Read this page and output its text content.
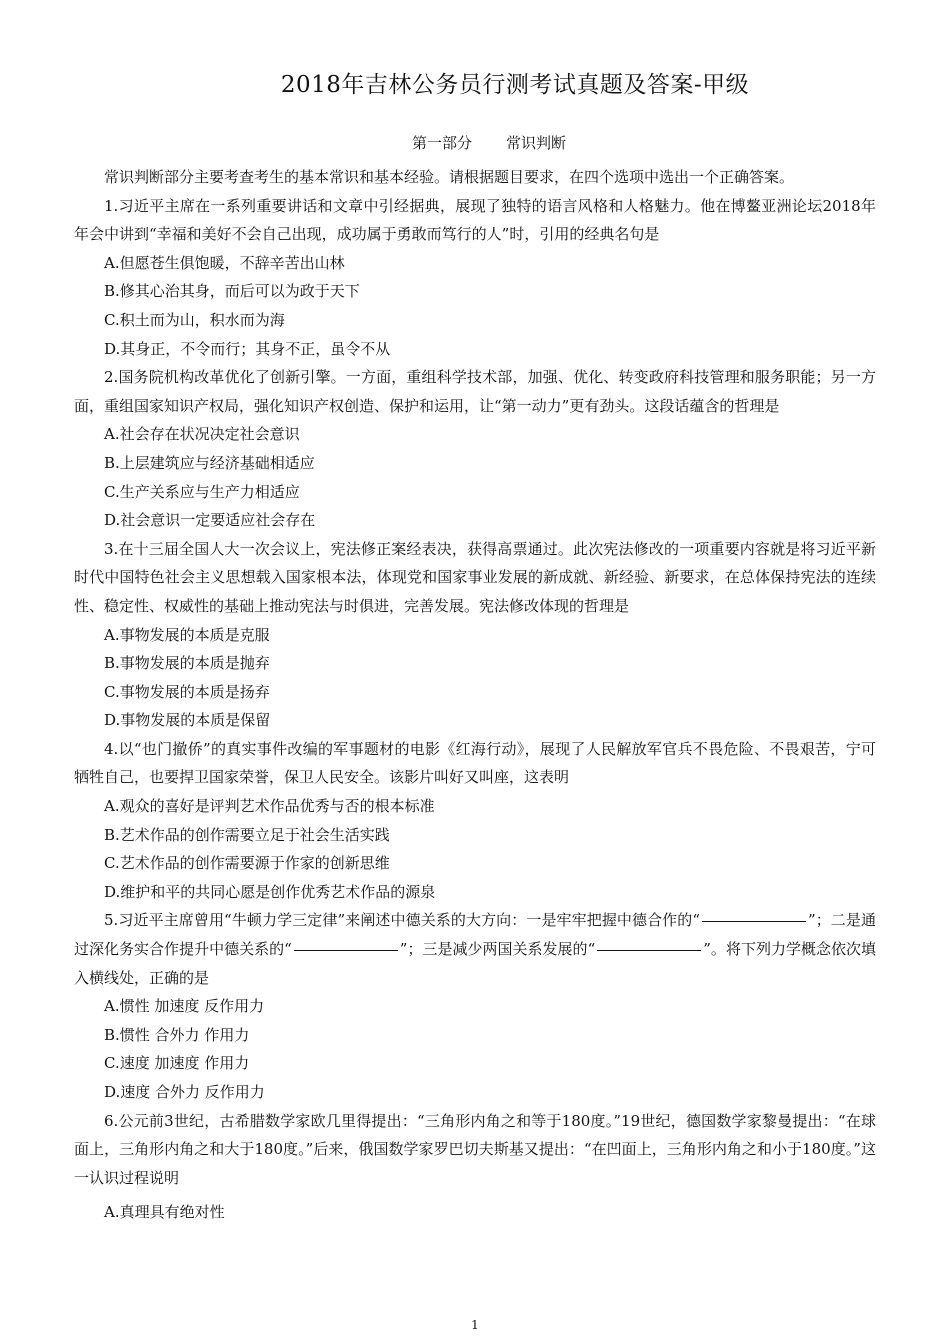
2018年吉林公务员行测考试真题及答案-甲级
第一部分 常识判断

常识判断部分主要考查考生的基本常识和基本经验。请根据题目要求，在四个选项中选出一个正确答案。

1.习近平主席在一系列重要讲话和文章中引经据典，展现了独特的语言风格和人格魅力。他在博鳌亚洲论坛2018年年会中讲到“幸福和美好不会自己出现，成功属于勇敢而笃行的人”时，引用的经典名句是

A.但愿苍生俱饱暖，不辞辛苦出山林

B.修其心治其身，而后可以为政于天下

C.积土而为山，积水而为海

D.其身正，不令而行；其身不正，虽令不从

2.国务院机构改革优化了创新引擎。一方面，重组科学技术部，加强、优化、转变政府科技管理和服务职能；另一方面，重组国家知识产权局，强化知识产权创造、保护和运用，让“第一动力”更有劲头。这段话蕴含的哲理是

A.社会存在状况决定社会意识

B.上层建筑应与经济基础相适应

C.生产关系应与生产力相适应

D.社会意识一定要适应社会存在

3.在十三届全国人大一次会议上，宪法修正案经表决，获得高票通过。此次宪法修改的一项重要内容就是将习近平新时代中国特色社会主义思想载入国家根本法，体现党和国家事业发展的新成就、新经验、新要求，在总体保持宪法的连续性、稳定性、权威性的基础上推动宪法与时俱进，完善发展。宪法修改体现的哲理是

A.事物发展的本质是克服

B.事物发展的本质是抛弃

C.事物发展的本质是扬弃

D.事物发展的本质是保留

4.以“也门撤侨”的真实事件改编的军事题材的电影《红海行动》，展现了人民解放军官兵不畏危险、不畏艰苦，宁可牺牲自己，也要捍卫国家荣誉，保卫人民安全。该影片叫好又叫座，这表明

A.观众的喜好是评判艺术作品优秀与否的根本标准

B.艺术作品的创作需要立足于社会生活实践

C.艺术作品的创作需要源于作家的创新思维

D.维护和平的共同心愿是创作优秀艺术作品的源泉

5.习近平主席曾用“牛顿力学三定律”来阐述中德关系的大方向：一是牢牢把握中德合作的“	”；二是通过深化务实合作提升中德关系的“	”；三是减少两国关系发展的“	”。将下列力学概念依次填入横线处，正确的是

A.惯性 加速度 反作用力

B.惯性 合外力 作用力

C.速度 加速度 作用力

D.速度 合外力 反作用力

6.公元前3世纪，古希腊数学家欧几里得提出：“三角形内角之和等于180度。”19世纪，德国数学家黎曼提出：“在球面上，三角形内角之和大于180度。”后来，俄国数学家罗巴切夫斯基又提出：“在凹面上，三角形内角之和小于180度。”这一认识过程说明

A.真理具有绝对性

1
